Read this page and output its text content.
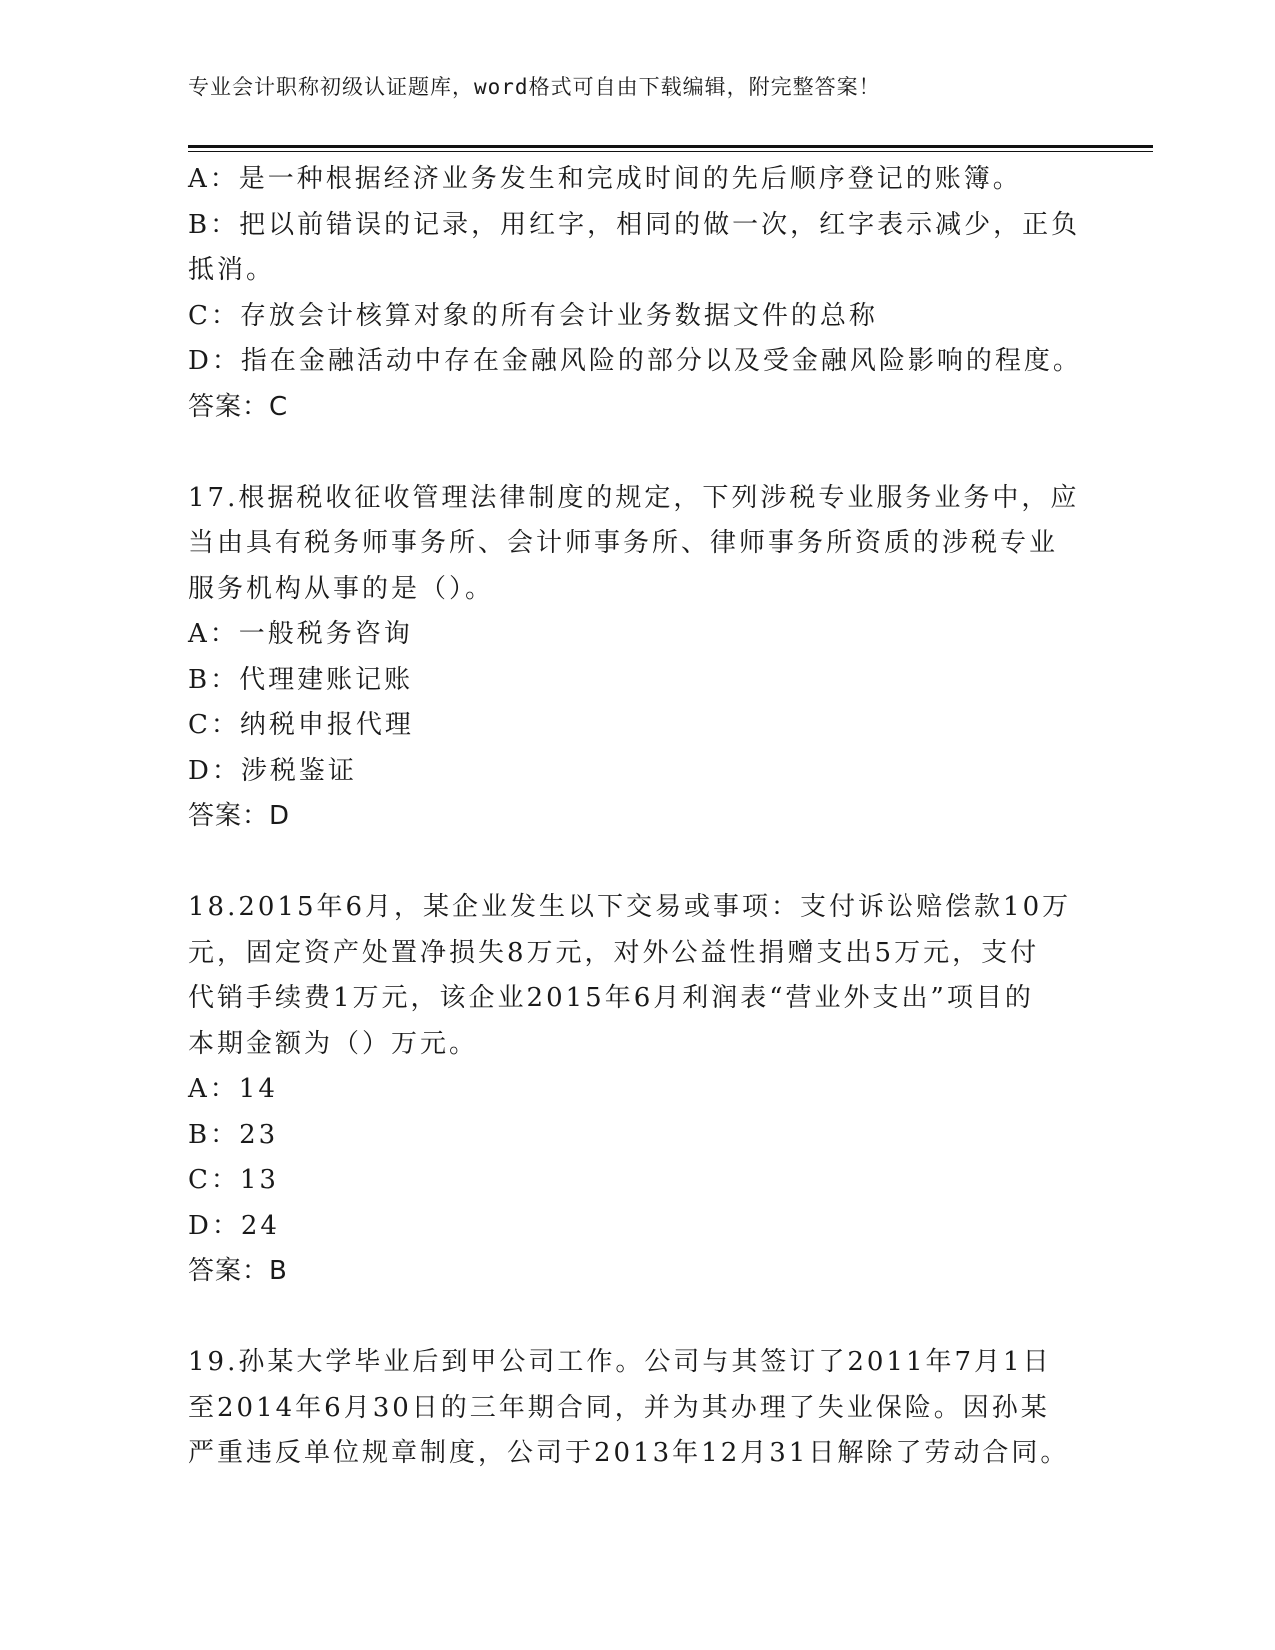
专业会计职称初级认证题库，word格式可自由下载编辑，附完整答案！
A：是一种根据经济业务发生和完成时间的先后顺序登记的账簿。
B：把以前错误的记录，用红字，相同的做一次，红字表示减少，正负
抵消。
C：存放会计核算对象的所有会计业务数据文件的总称
D：指在金融活动中存在金融风险的部分以及受金融风险影响的程度。
答案：C
17.根据税收征收管理法律制度的规定，下列涉税专业服务业务中，应
当由具有税务师事务所、会计师事务所、律师事务所资质的涉税专业
服务机构从事的是（）。
A：一般税务咨询
B：代理建账记账
C：纳税申报代理
D：涉税鉴证
答案：D
18.2015年6月，某企业发生以下交易或事项：支付诉讼赔偿款10万
元，固定资产处置净损失8万元，对外公益性捐赠支出5万元，支付
代销手续费1万元，该企业2015年6月利润表“营业外支出”项目的
本期金额为（）万元。
A：14
B：23
C：13
D：24
答案：B
19.孙某大学毕业后到甲公司工作。公司与其签订了2011年7月1日
至2014年6月30日的三年期合同，并为其办理了失业保险。因孙某
严重违反单位规章制度，公司于2013年12月31日解除了劳动合同。
